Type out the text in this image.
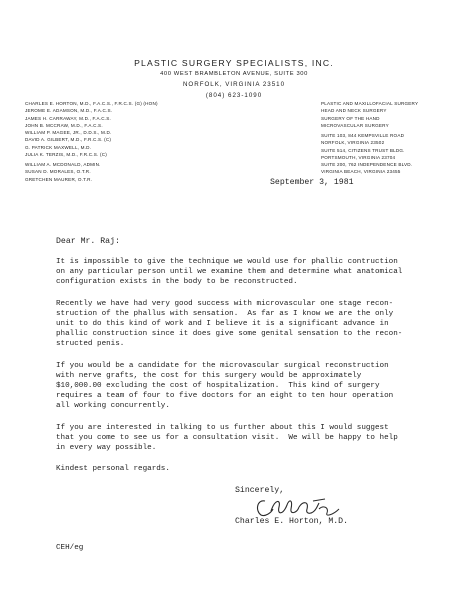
PLASTIC SURGERY SPECIALISTS, INC.
400 WEST BRAMBLETON AVENUE, SUITE 300
NORFOLK, VIRGINIA 23510
(804) 623-1090
CHARLES E. HORTON, M.D., F.A.C.S., F.R.C.S. (G) (HON)
JEROME E. ADAMSON, M.D., F.A.C.S.
JAMES H. CARRAWAY, M.D., F.A.C.S.
JOHN B. MCCRAW, M.D., F.A.C.S.
WILLIAM P. MAGEE, JR., D.D.S., M.D.
DAVID A. GILBERT, M.D., F.R.C.S. (C)
G. PATRICK MAXWELL, M.D.
JULIA K. TERZIS, M.D., F.R.C.S. (C)
WILLIAM A. MCDONALD, ADMIN.
SUSAN D. MORALES, O.T.R.
GRETCHEN MAURER, O.T.R.
PLASTIC AND MAXILLOFACIAL SURGERY
HEAD AND NECK SURGERY
SURGERY OF THE HAND
MICROVASCULAR SURGERY
SUITE 103, 844 KEMPSVILLE ROAD
NORFOLK, VIRGINIA 23502
SUITE 514, CITIZENS TRUST BLDG.
PORTSMOUTH, VIRGINIA 23704
SUITE 200, 762 INDEPENDENCE BLVD.
VIRGINIA BEACH, VIRGINIA 23455
September 3, 1981
Dear Mr. Raj:

It is impossible to give the technique we would use for phallic contruction
on any particular person until we examine them and determine what anatomical
configuration exists in the body to be reconstructed.

Recently we have had very good success with microvascular one stage recon-
struction of the phallus with sensation.  As far as I know we are the only
unit to do this kind of work and I believe it is a significant advance in
phallic construction since it does give some genital sensation to the recon-
structed penis.

If you would be a candidate for the microvascular surgical reconstruction
with nerve grafts, the cost for this surgery would be approximately
$10,000.00 excluding the cost of hospitalization.  This kind of surgery
requires a team of four to five doctors for an eight to ten hour operation
all working concurrently.

If you are interested in talking to us further about this I would suggest
that you come to see us for a consultation visit.  We will be happy to help
in every way possible.

Kindest personal regards.

Sincerely,
Charles E. Horton, M.D.
CEH/eg
